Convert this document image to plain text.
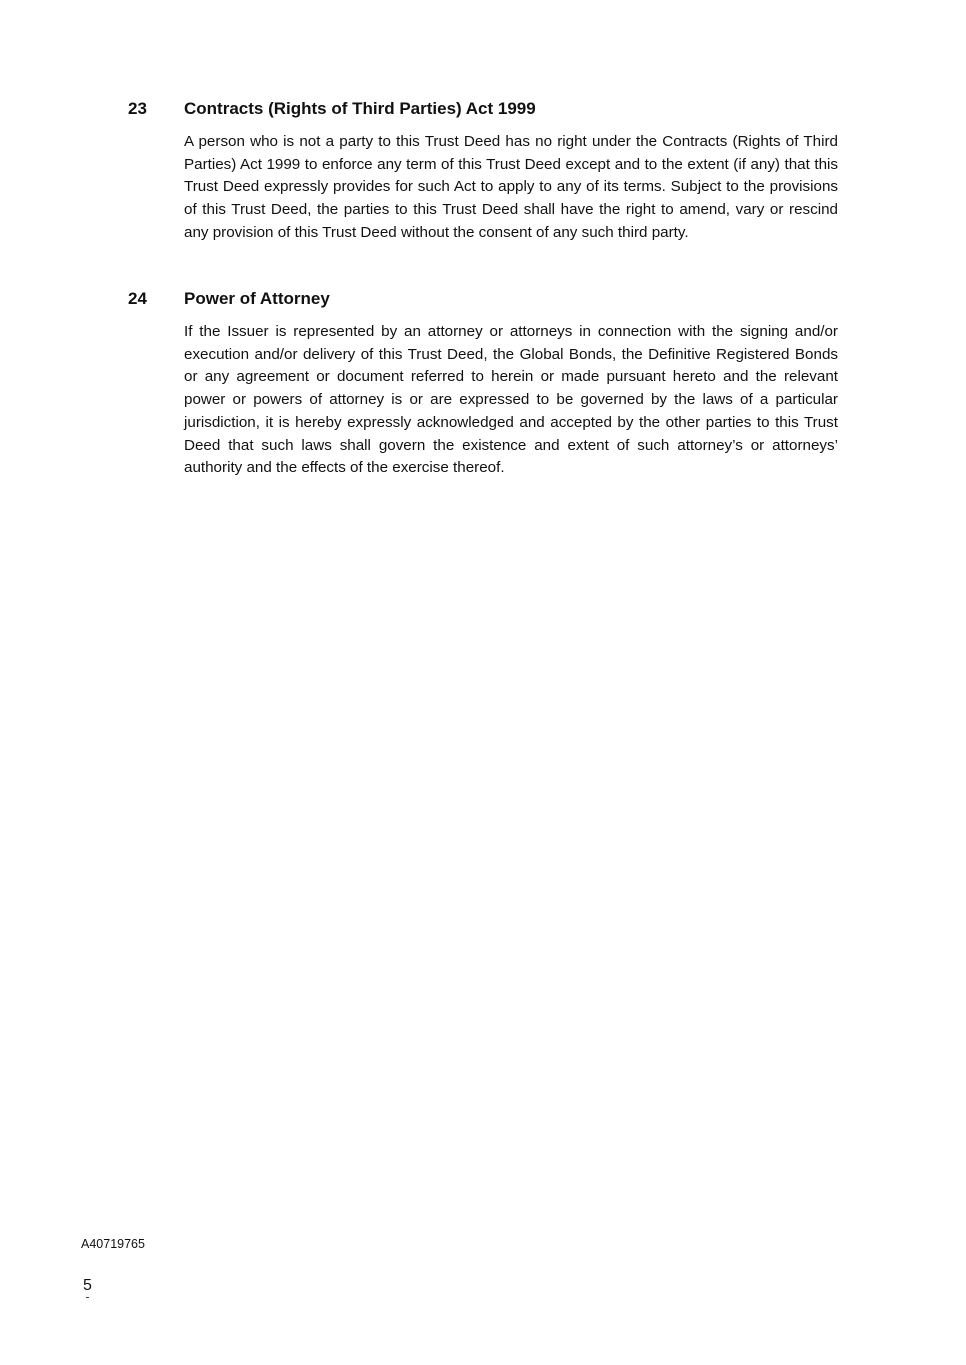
23	Contracts (Rights of Third Parties) Act 1999

A person who is not a party to this Trust Deed has no right under the Contracts (Rights of Third Parties) Act 1999 to enforce any term of this Trust Deed except and to the extent (if any) that this Trust Deed expressly provides for such Act to apply to any of its terms. Subject to the provisions of this Trust Deed, the parties to this Trust Deed shall have the right to amend, vary or rescind any provision of this Trust Deed without the consent of any such third party.

24	Power of Attorney

If the Issuer is represented by an attorney or attorneys in connection with the signing and/​or execution and/or delivery of this Trust Deed, the Global Bonds, the Definitive Registered Bonds or any agreement or document referred to herein or made pursuant hereto and the relevant power or powers of attorney is or are expressed to be governed by the laws of a particular jurisdiction, it is hereby expressly acknowledged and accepted by the other parties to this Trust Deed that such laws shall govern the existence and extent of such attorney’s or attorneys’ authority and the effects of the exercise thereof.

A40719765
5
